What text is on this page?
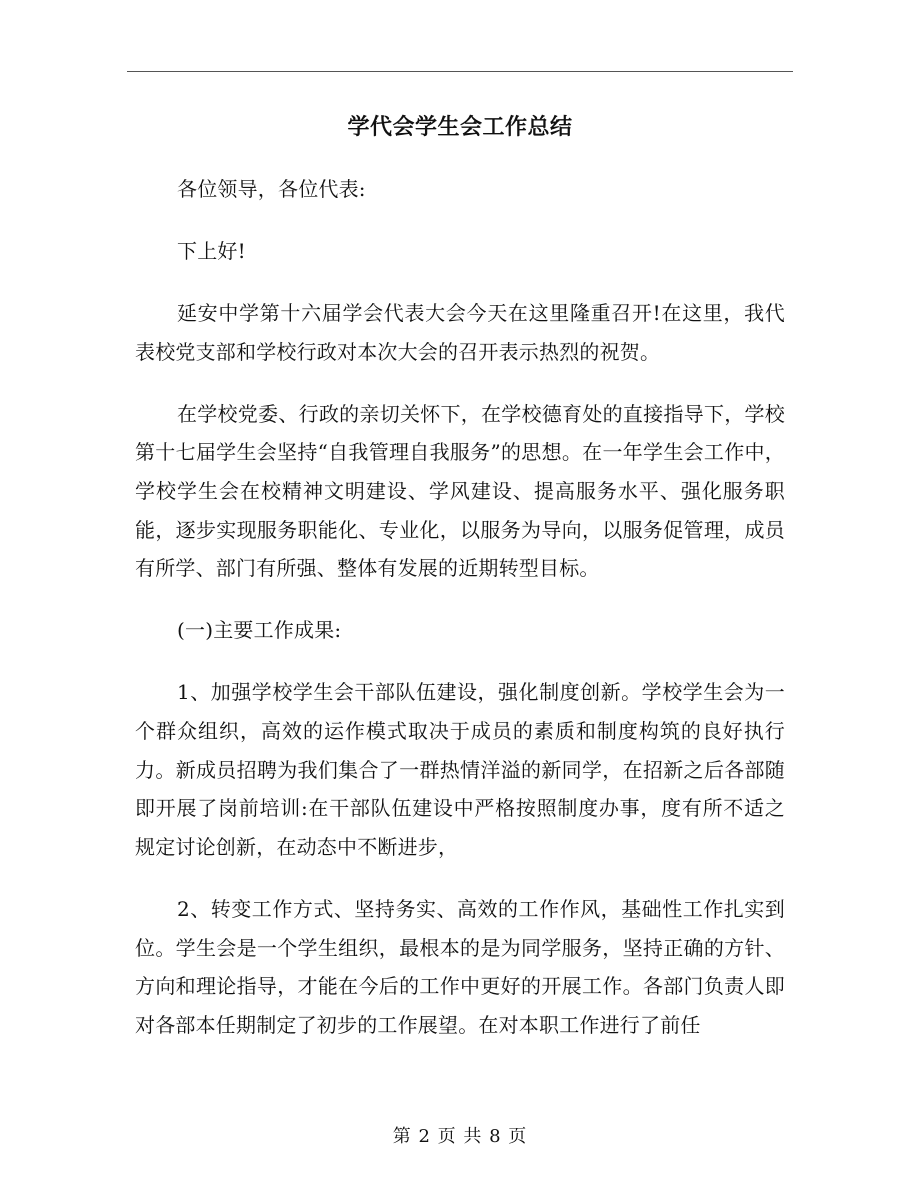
学代会学生会工作总结

各位领导，各位代表:

下上好!

延安中学第十六届学会代表大会今天在这里隆重召开!在这里，我代表校党支部和学校行政对本次大会的召开表示热烈的祝贺。

在学校党委、行政的亲切关怀下，在学校德育处的直接指导下，学校第十七届学生会坚持“自我管理自我服务”的思想。在一年学生会工作中，学校学生会在校精神文明建设、学风建设、提高服务水平、强化服务职能，逐步实现服务职能化、专业化，以服务为导向，以服务促管理，成员有所学、部门有所强、整体有发展的近期转型目标。

(一)主要工作成果:

1、加强学校学生会干部队伍建设，强化制度创新。学校学生会为一个群众组织，高效的运作模式取决于成员的素质和制度构筑的良好执行力。新成员招聘为我们集合了一群热情洋溢的新同学，在招新之后各部随即开展了岗前培训:在干部队伍建设中严格按照制度办事，度有所不适之规定讨论创新，在动态中不断进步，

2、转变工作方式、坚持务实、高效的工作作风，基础性工作扎实到位。学生会是一个学生组织，最根本的是为同学服务，坚持正确的方针、方向和理论指导，才能在今后的工作中更好的开展工作。各部门负责人即对各部本任期制定了初步的工作展望。在对本职工作进行了前任

第 2 页 共 8 页
